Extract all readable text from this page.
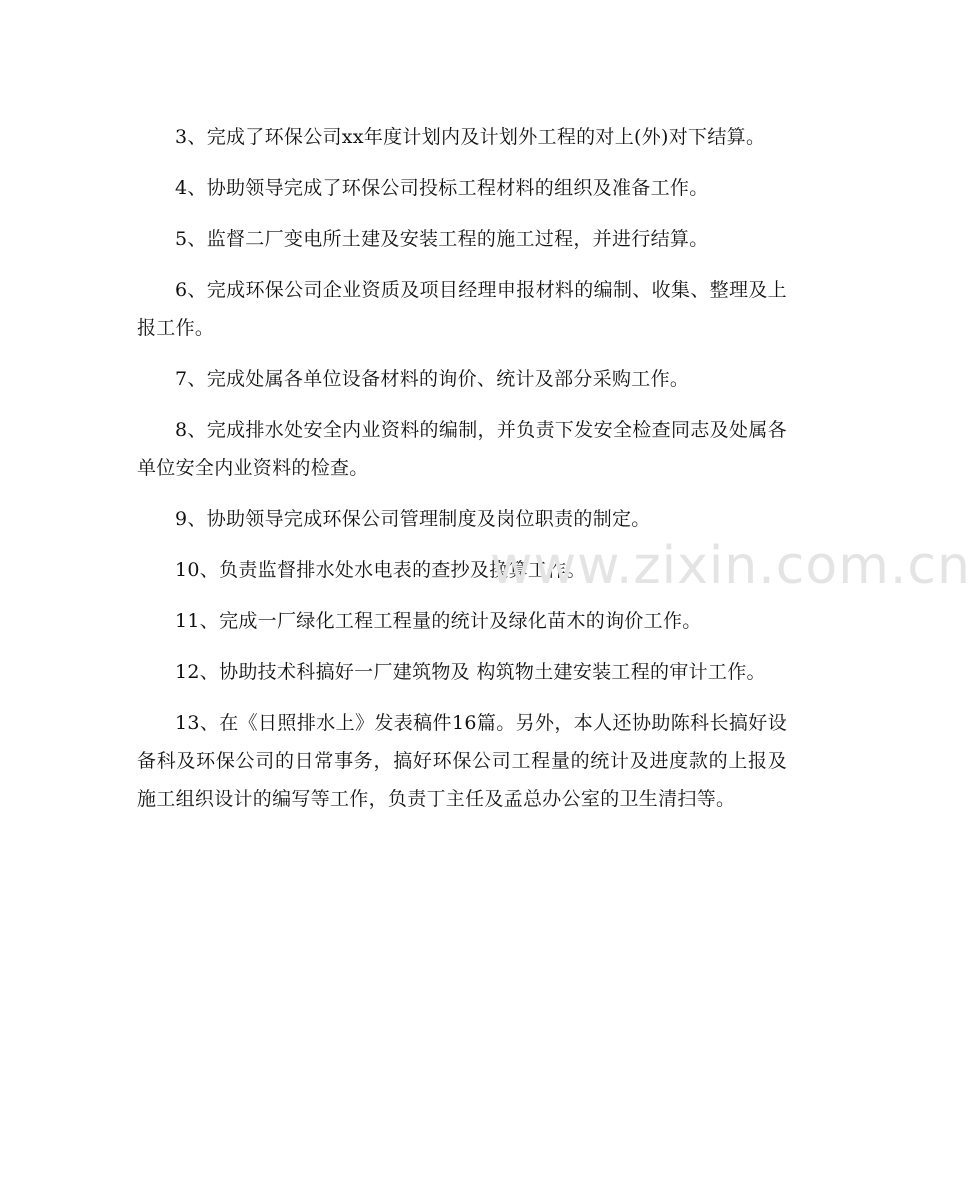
3、完成了环保公司xx年度计划内及计划外工程的对上(外)对下结算。

4、协助领导完成了环保公司投标工程材料的组织及准备工作。

5、监督二厂变电所土建及安装工程的施工过程，并进行结算。

6、完成环保公司企业资质及项目经理申报材料的编制、收集、整理及上报工作。

7、完成处属各单位设备材料的询价、统计及部分采购工作。

8、完成排水处安全内业资料的编制，并负责下发安全检查同志及处属各单位安全内业资料的检查。

9、协助领导完成环保公司管理制度及岗位职责的制定。

10、负责监督排水处水电表的查抄及换算工作。

11、完成一厂绿化工程工程量的统计及绿化苗木的询价工作。

12、协助技术科搞好一厂建筑物及 构筑物土建安装工程的审计工作。

13、在《日照排水上》发表稿件16篇。另外，本人还协助陈科长搞好设备科及环保公司的日常事务，搞好环保公司工程量的统计及进度款的上报及施工组织设计的编写等工作，负责丁主任及孟总办公室的卫生清扫等。

www.zixin.com.cn
